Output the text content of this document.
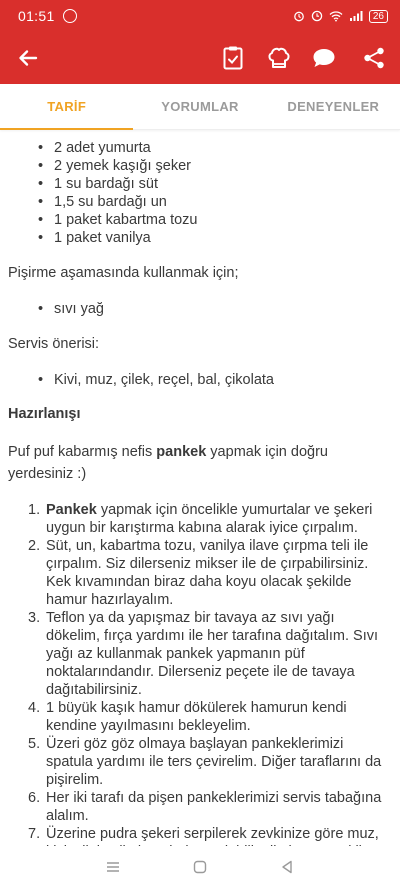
01:51	26
TARİF	YORUMLAR	DENEYENLER
• 2 adet yumurta
• 2 yemek kaşığı şeker
• 1 su bardağı süt
• 1,5 su bardağı un
• 1 paket kabartma tozu
• 1 paket vanilya

Pişirme aşamasında kullanmak için;

• sıvı yağ

Servis önerisi:

• Kivi, muz, çilek, reçel, bal, çikolata

Hazırlanışı

Puf puf kabarmış nefis pankek yapmak için doğru yerdesiniz :)

1. Pankek yapmak için öncelikle yumurtalar ve şekeri uygun bir karıştırma kabına alarak iyice çırpalım.
2. Süt, un, kabartma tozu, vanilya ilave çırpma teli ile çırpalım. Siz dilerseniz mikser ile de çırpabilirsiniz. Kek kıvamından biraz daha koyu olacak şekilde hamur hazırlayalım.
3. Teflon ya da yapışmaz bir tavaya az sıvı yağı dökelim, fırça yardımı ile her tarafına dağıtalım. Sıvı yağı az kullanmak pankek yapmanın püf noktalarındandır. Dilerseniz peçete ile de tavaya dağıtabilirsiniz.
4. 1 büyük kaşık hamur dökülerek hamurun kendi kendine yayılmasını bekleyelim.
5. Üzeri göz göz olmaya başlayan pankeklerimizi spatula yardımı ile ters çevirelim. Diğer taraflarını da pişirelim.
6. Her iki tarafı da pişen pankeklerimizi servis tabağına alalım.
7. Üzerine pudra şekeri serpilerek zevkinize göre muz,
